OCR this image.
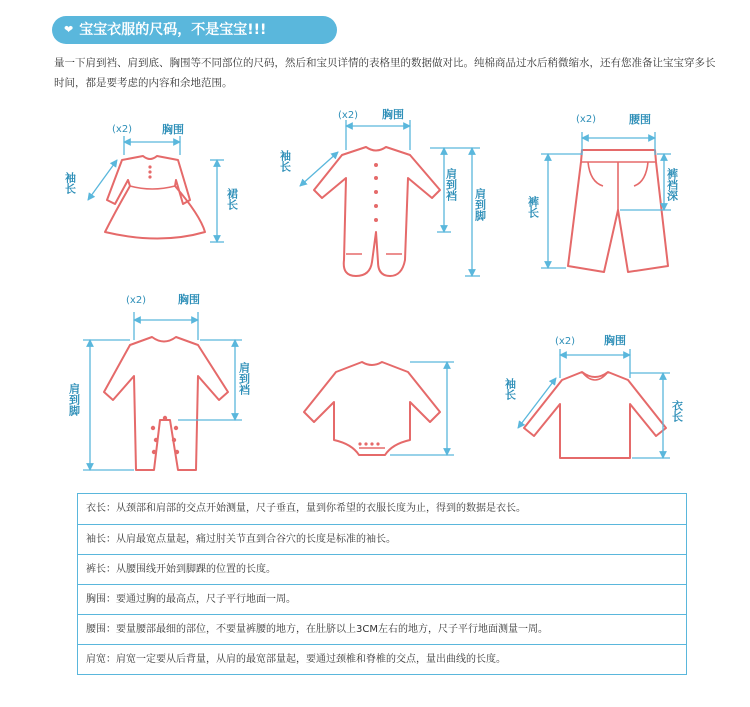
❤ 宝宝衣服的尺码，不是宝宝!!!
量一下肩到裆、肩到底、胸围等不同部位的尺码，然后和宝贝详情的表格里的数据做对比。纯棉商品过水后稍微缩水，还有您准备让宝宝穿多长时间，都是要考虑的内容和余地范围。
(x2)	胸围
袖长
裙长
(x2) 胸围
袖长
肩到裆
肩到脚
(x2)	腰围
裤长
裤裆深
(x2)	胸围
肩到脚
肩到裆
(x2)	胸围
袖长
衣长
衣长：从颈部和肩部的交点开始测量，尺子垂直，量到你希望的衣服长度为止，得到的数据是衣长。
袖长：从肩最宽点量起，痛过肘关节直到合谷穴的长度是标准的袖长。
裤长：从腰围线开始到脚踝的位置的长度。
胸围：要通过胸的最高点，尺子平行地面一周。
腰围：要量腰部最细的部位，不要量裤腰的地方，在肚脐以上3CM左右的地方，尺子平行地面测量一周。
肩宽：肩宽一定要从后背量，从肩的最宽部量起，要通过颈椎和脊椎的交点，量出曲线的长度。
